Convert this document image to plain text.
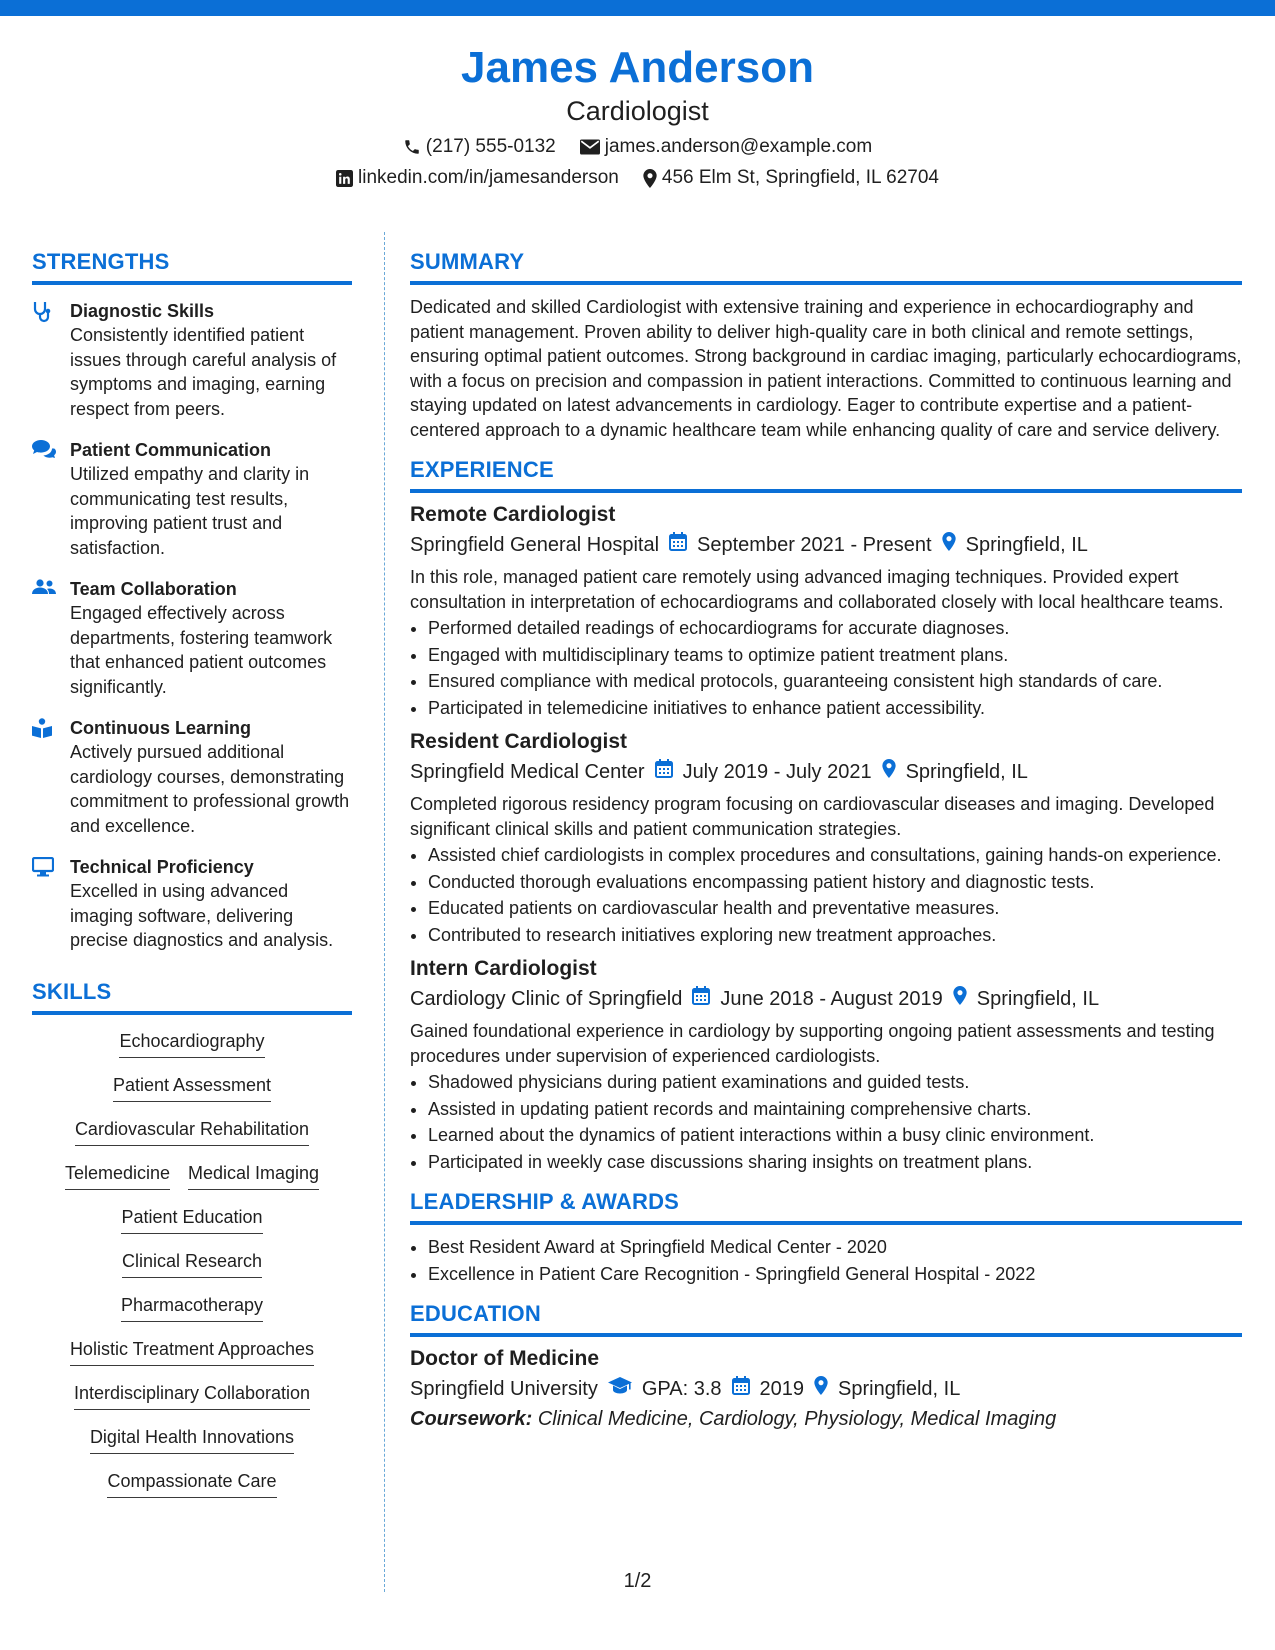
James Anderson
Cardiologist
(217) 555-0132	james.anderson@example.com
linkedin.com/in/jamesanderson 456 Elm St, Springfield, IL 62704
STRENGTHS
Diagnostic Skills
Consistently identified patient issues through careful analysis of symptoms and imaging, earning respect from peers.
Patient Communication
Utilized empathy and clarity in communicating test results, improving patient trust and satisfaction.
Team Collaboration
Engaged effectively across departments, fostering teamwork that enhanced patient outcomes significantly.
Continuous Learning
Actively pursued additional cardiology courses, demonstrating commitment to professional growth and excellence.
Technical Proficiency
Excelled in using advanced imaging software, delivering precise diagnostics and analysis.
SKILLS
Echocardiography
Patient Assessment
Cardiovascular Rehabilitation
Telemedicine Medical Imaging
Patient Education
Clinical Research
Pharmacotherapy
Holistic Treatment Approaches
Interdisciplinary Collaboration
Digital Health Innovations
Compassionate Care
SUMMARY
Dedicated and skilled Cardiologist with extensive training and experience in echocardiography and patient management. Proven ability to deliver high-quality care in both clinical and remote settings, ensuring optimal patient outcomes. Strong background in cardiac imaging, particularly echocardiograms, with a focus on precision and compassion in patient interactions. Committed to continuous learning and staying updated on latest advancements in cardiology. Eager to contribute expertise and a patient-centered approach to a dynamic healthcare team while enhancing quality of care and service delivery.
EXPERIENCE
Remote Cardiologist
Springfield General Hospital September 2021 - Present Springfield, IL
In this role, managed patient care remotely using advanced imaging techniques. Provided expert consultation in interpretation of echocardiograms and collaborated closely with local healthcare teams.
• Performed detailed readings of echocardiograms for accurate diagnoses.
• Engaged with multidisciplinary teams to optimize patient treatment plans.
• Ensured compliance with medical protocols, guaranteeing consistent high standards of care.
• Participated in telemedicine initiatives to enhance patient accessibility.
Resident Cardiologist
Springfield Medical Center July 2019 - July 2021 Springfield, IL
Completed rigorous residency program focusing on cardiovascular diseases and imaging. Developed significant clinical skills and patient communication strategies.
• Assisted chief cardiologists in complex procedures and consultations, gaining hands-on experience.
• Conducted thorough evaluations encompassing patient history and diagnostic tests.
• Educated patients on cardiovascular health and preventative measures.
• Contributed to research initiatives exploring new treatment approaches.
Intern Cardiologist
Cardiology Clinic of Springfield June 2018 - August 2019 Springfield, IL
Gained foundational experience in cardiology by supporting ongoing patient assessments and testing procedures under supervision of experienced cardiologists.
• Shadowed physicians during patient examinations and guided tests.
• Assisted in updating patient records and maintaining comprehensive charts.
• Learned about the dynamics of patient interactions within a busy clinic environment.
• Participated in weekly case discussions sharing insights on treatment plans.
LEADERSHIP & AWARDS
• Best Resident Award at Springfield Medical Center - 2020
• Excellence in Patient Care Recognition - Springfield General Hospital - 2022
EDUCATION
Doctor of Medicine
Springfield University GPA: 3.8 2019 Springfield, IL
Coursework: Clinical Medicine, Cardiology, Physiology, Medical Imaging
1/2
